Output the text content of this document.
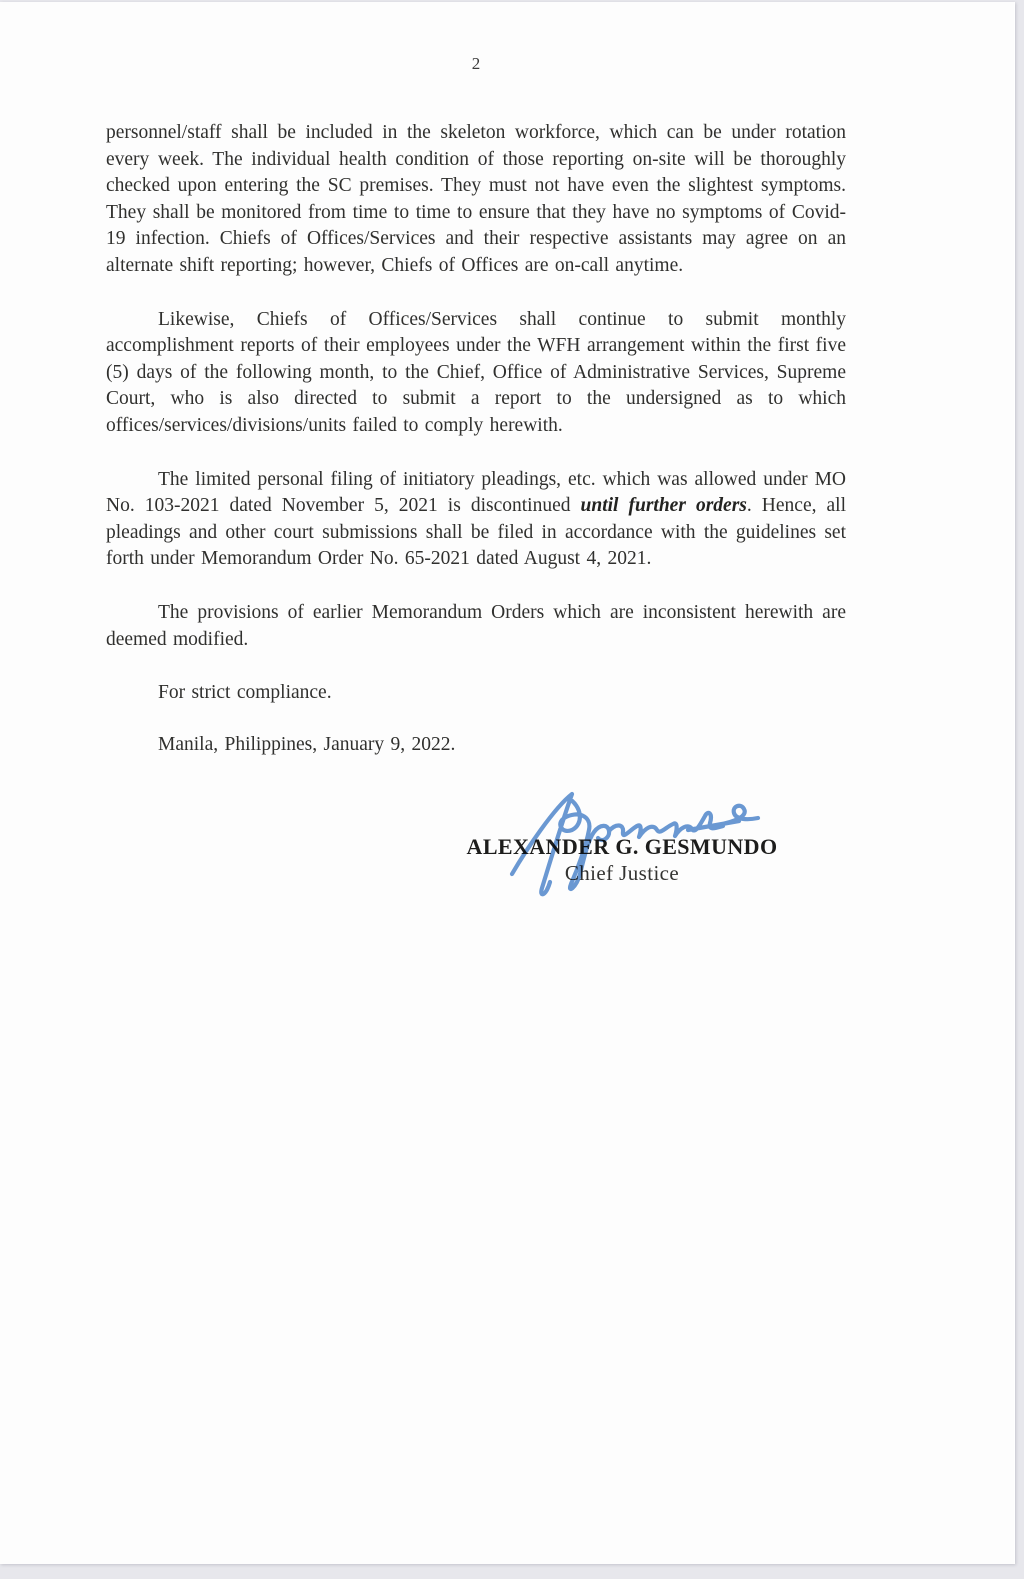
2

personnel/staff shall be included in the skeleton workforce, which can be under rotation every week. The individual health condition of those reporting on-site will be thoroughly checked upon entering the SC premises. They must not have even the slightest symptoms. They shall be monitored from time to time to ensure that they have no symptoms of Covid-19 infection. Chiefs of Offices/Services and their respective assistants may agree on an alternate shift reporting; however, Chiefs of Offices are on-call anytime.

Likewise, Chiefs of Offices/Services shall continue to submit monthly accomplishment reports of their employees under the WFH arrangement within the first five (5) days of the following month, to the Chief, Office of Administrative Services, Supreme Court, who is also directed to submit a report to the undersigned as to which offices/services/divisions/units failed to comply herewith.

The limited personal filing of initiatory pleadings, etc. which was allowed under MO No. 103-2021 dated November 5, 2021 is discontinued until further orders. Hence, all pleadings and other court submissions shall be filed in accordance with the guidelines set forth under Memorandum Order No. 65-2021 dated August 4, 2021.

The provisions of earlier Memorandum Orders which are inconsistent herewith are deemed modified.

For strict compliance.

Manila, Philippines, January 9, 2022.

ALEXANDER G. GESMUNDO
Chief Justice
